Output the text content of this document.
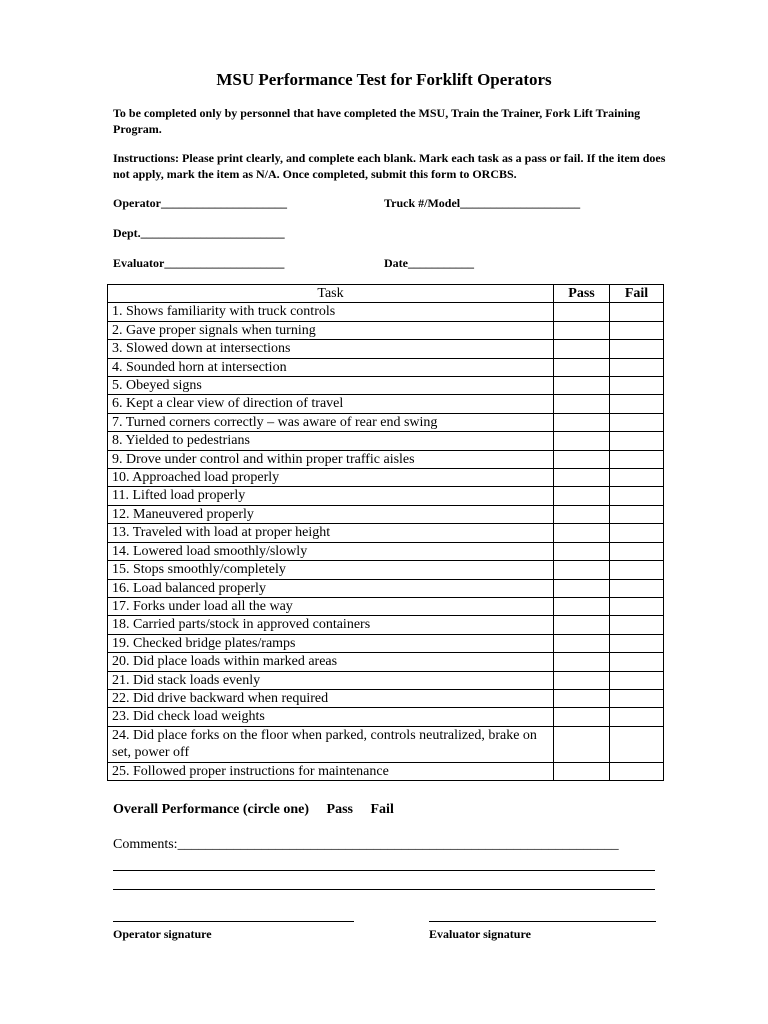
MSU Performance Test for Forklift Operators
To be completed only by personnel that have completed the MSU, Train the Trainer, Fork Lift Training Program.
Instructions: Please print clearly, and complete each blank. Mark each task as a pass or fail. If the item does not apply, mark the item as N/A. Once completed, submit this form to ORCBS.
Operator_____________________	Truck #/Model____________________
Dept.________________________
Evaluator____________________	Date___________
Task	Pass	Fail
1. Shows familiarity with truck controls		
2. Gave proper signals when turning		
3. Slowed down at intersections		
4. Sounded horn at intersection		
5. Obeyed signs		
6. Kept a clear view of direction of travel		
7. Turned corners correctly – was aware of rear end swing		
8. Yielded to pedestrians		
9. Drove under control and within proper traffic aisles		
10. Approached load properly		
11. Lifted load properly		
12. Maneuvered properly		
13. Traveled with load at proper height		
14. Lowered load smoothly/slowly		
15. Stops smoothly/completely		
16. Load balanced properly		
17. Forks under load all the way		
18. Carried parts/stock in approved containers		
19. Checked bridge plates/ramps		
20. Did place loads within marked areas		
21. Did stack loads evenly		
22. Did drive backward when required		
23. Did check load weights		
24. Did place forks on the floor when parked, controls neutralized, brake on set, power off		
25. Followed proper instructions for maintenance		
Overall Performance (circle one) Pass Fail
Comments:_______________________________________________________________
Operator signature	Evaluator signature
